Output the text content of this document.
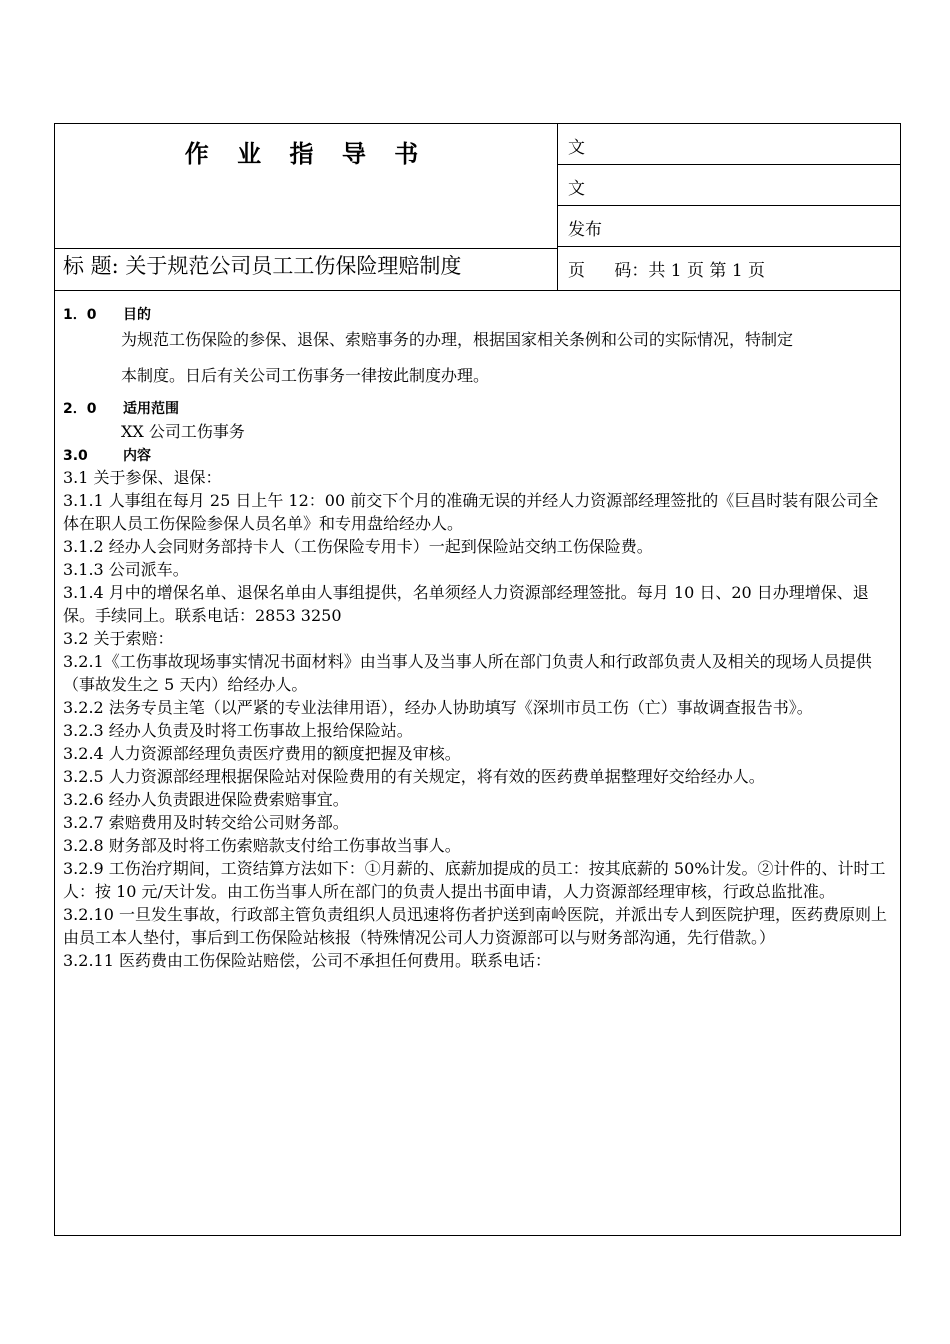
作 业 指 导 书
标 题: 关于规范公司员工工伤保险理赔制度
文
文
发布
页 码：共 1 页 第 1 页
1．0 目的
为规范工伤保险的参保、退保、索赔事务的办理，根据国家相关条例和公司的实际情况，特制定
本制度。日后有关公司工伤事务一律按此制度办理。
2．0 适用范围
XX 公司工伤事务
3.0	内容
3.1 关于参保、退保：
3.1.1 人事组在每月 25 日上午 12：00 前交下个月的准确无误的并经人力资源部经理签批的《巨昌时装有限公司全体在职人员工伤保险参保人员名单》和专用盘给经办人。
3.1.2 经办人会同财务部持卡人（工伤保险专用卡）一起到保险站交纳工伤保险费。
3.1.3 公司派车。
3.1.4 月中的增保名单、退保名单由人事组提供，名单须经人力资源部经理签批。每月 10 日、20 日办理增保、退保。手续同上。联系电话：2853 3250
3.2 关于索赔：
3.2.1《工伤事故现场事实情况书面材料》由当事人及当事人所在部门负责人和行政部负责人及相关的现场人员提供（事故发生之 5 天内）给经办人。
3.2.2 法务专员主笔（以严紧的专业法律用语），经办人协助填写《深圳市员工伤（亡）事故调查报告书》。
3.2.3 经办人负责及时将工伤事故上报给保险站。
3.2.4 人力资源部经理负责医疗费用的额度把握及审核。
3.2.5 人力资源部经理根据保险站对保险费用的有关规定，将有效的医药费单据整理好交给经办人。
3.2.6 经办人负责跟进保险费索赔事宜。
3.2.7 索赔费用及时转交给公司财务部。
3.2.8 财务部及时将工伤索赔款支付给工伤事故当事人。
3.2.9 工伤治疗期间，工资结算方法如下：①月薪的、底薪加提成的员工：按其底薪的 50%计发。②计件的、计时工人：按 10 元/天计发。由工伤当事人所在部门的负责人提出书面申请，人力资源部经理审核，行政总监批准。
3.2.10 一旦发生事故，行政部主管负责组织人员迅速将伤者护送到南岭医院，并派出专人到医院护理，医药费原则上由员工本人垫付，事后到工伤保险站核报（特殊情况公司人力资源部可以与财务部沟通，先行借款。）
3.2.11 医药费由工伤保险站赔偿，公司不承担任何费用。联系电话：
